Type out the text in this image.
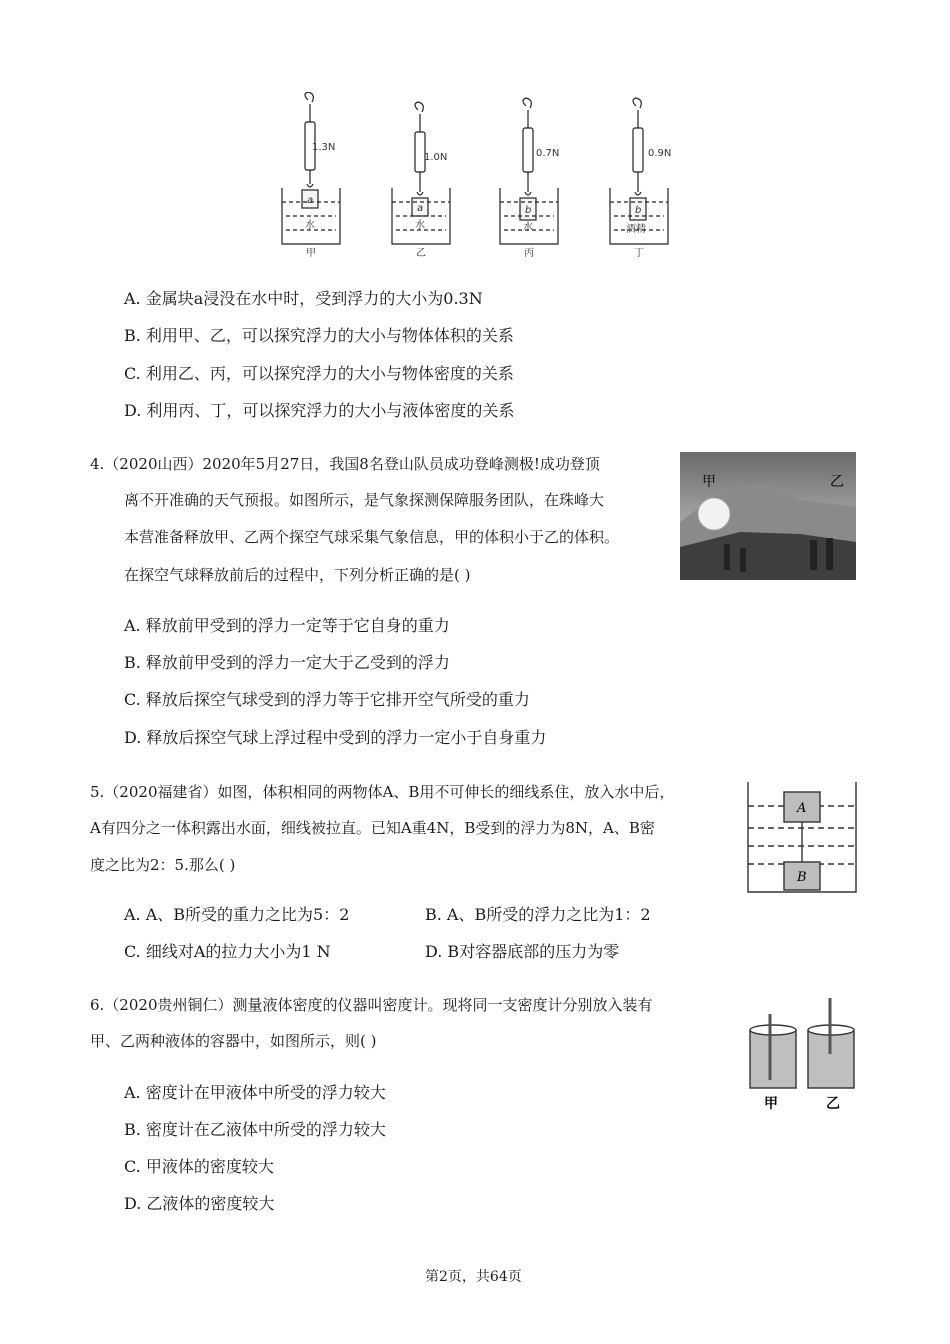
1.3N
1.0N	0.7N	0.9N
a
a	b	b
水	水	水	酒精
甲	乙	丙	丁
A. 金属块a浸没在水中时，受到浮力的大小为0.3N
B. 利用甲、乙，可以探究浮力的大小与物体体积的关系
C. 利用乙、丙，可以探究浮力的大小与物体密度的关系
D. 利用丙、丁，可以探究浮力的大小与液体密度的关系
4.（2020山西）2020年5月27日，我国8名登山队员成功登峰测极!成功登顶
离不开准确的天气预报。如图所示，是气象探测保障服务团队，在珠峰大
本营准备释放甲、乙两个探空气球采集气象信息，甲的体积小于乙的体积。
在探空气球释放前后的过程中，下列分析正确的是( )
甲	乙
A. 释放前甲受到的浮力一定等于它自身的重力
B. 释放前甲受到的浮力一定大于乙受到的浮力
C. 释放后探空气球受到的浮力等于它排开空气所受的重力
D. 释放后探空气球上浮过程中受到的浮力一定小于自身重力
5.（2020福建省）如图，体积相同的两物体A、B用不可伸长的细线系住，放入水中后，
A有四分之一体积露出水面，细线被拉直。已知A重4N，B受到的浮力为8N，A、B密
度之比为2：5.那么( )
A
B
A. A、B所受的重力之比为5：2	B. A、B所受的浮力之比为1：2
C. 细线对A的拉力大小为1 N	D. B对容器底部的压力为零
6.（2020贵州铜仁）测量液体密度的仪器叫密度计。现将同一支密度计分别放入装有
甲、乙两种液体的容器中，如图所示，则( )
甲	乙
A. 密度计在甲液体中所受的浮力较大
B. 密度计在乙液体中所受的浮力较大
C. 甲液体的密度较大
D. 乙液体的密度较大
第2页，共64页
